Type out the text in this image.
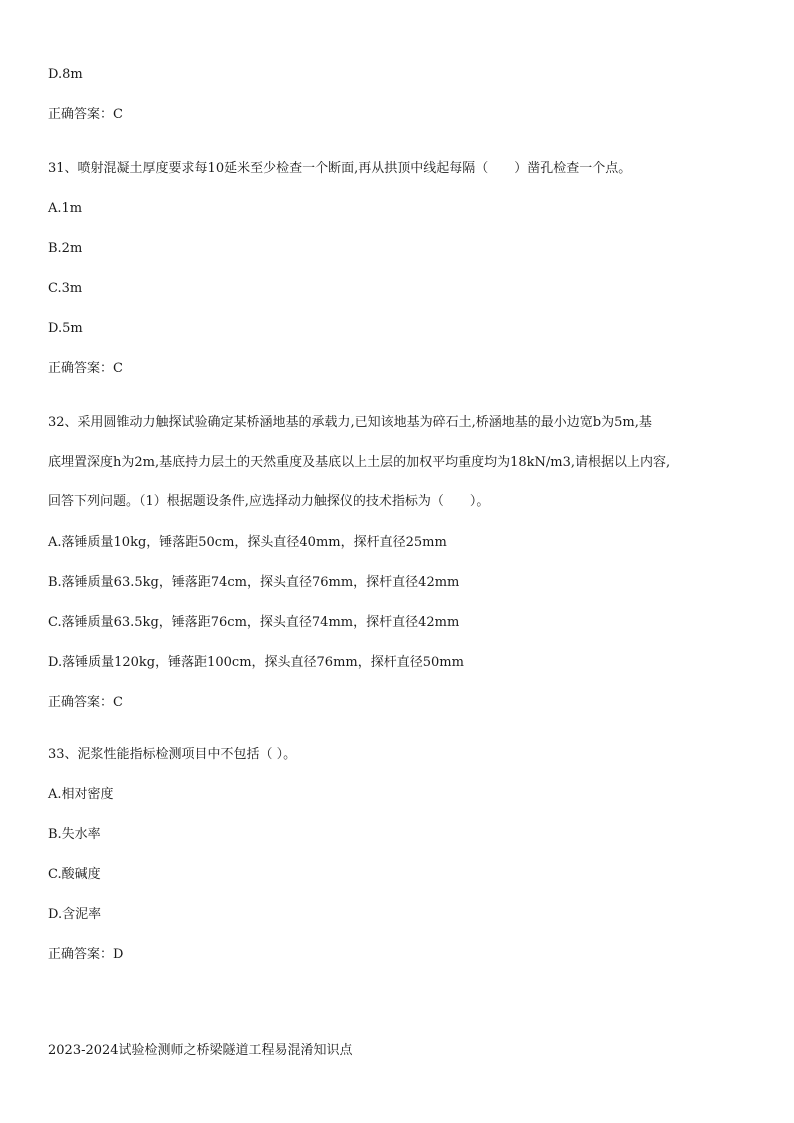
D.8m
正确答案：C
31、喷射混凝土厚度要求每10延米至少检查一个断面,再从拱顶中线起每隔（　　）凿孔检查一个点。
A.1m
B.2m
C.3m
D.5m
正确答案：C
32、采用圆锥动力触探试验确定某桥涵地基的承载力,已知该地基为碎石土,桥涵地基的最小边宽b为5m,基
底埋置深度h为2m,基底持力层土的天然重度及基底以上土层的加权平均重度均为18kN/m3,请根据以上内容,
回答下列问题。（1）根据题设条件,应选择动力触探仪的技术指标为（　　）。
A.落锤质量10kg，锤落距50cm，探头直径40mm，探杆直径25mm
B.落锤质量63.5kg，锤落距74cm，探头直径76mm，探杆直径42mm
C.落锤质量63.5kg，锤落距76cm，探头直径74mm，探杆直径42mm
D.落锤质量120kg，锤落距100cm，探头直径76mm，探杆直径50mm
正确答案：C
33、泥浆性能指标检测项目中不包括（ ）。
A.相对密度
B.失水率
C.酸碱度
D.含泥率
正确答案：D
2023-2024试验检测师之桥梁隧道工程易混淆知识点
